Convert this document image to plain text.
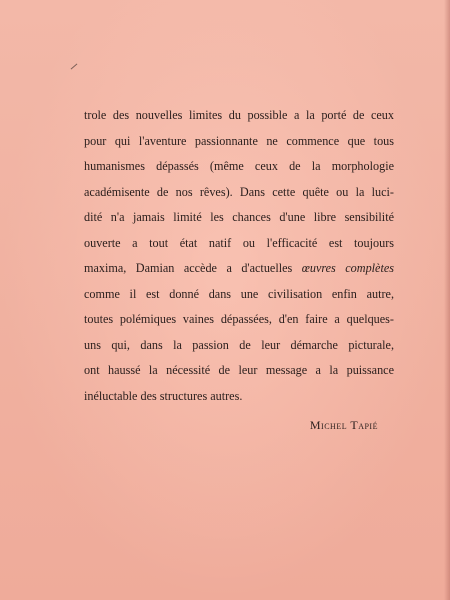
trole des nouvelles limites du possible a la porté de ceux
pour qui l'aventure passionnante ne commence que tous
humanismes dépassés (même ceux de la morphologie
académisente de nos rêves). Dans cette quête ou la luci-
dité n'a jamais limité les chances d'une libre sensibilité
ouverte a tout état natif ou l'efficacité est toujours
maxima, Damian accède a d'actuelles œuvres complètes
comme il est donné dans une civilisation enfin autre,
toutes polémiques vaines dépassées, d'en faire a quelques-
uns qui, dans la passion de leur démarche picturale,
ont haussé la nécessité de leur message a la puissance
inéluctable des structures autres.
Michel Tapié
